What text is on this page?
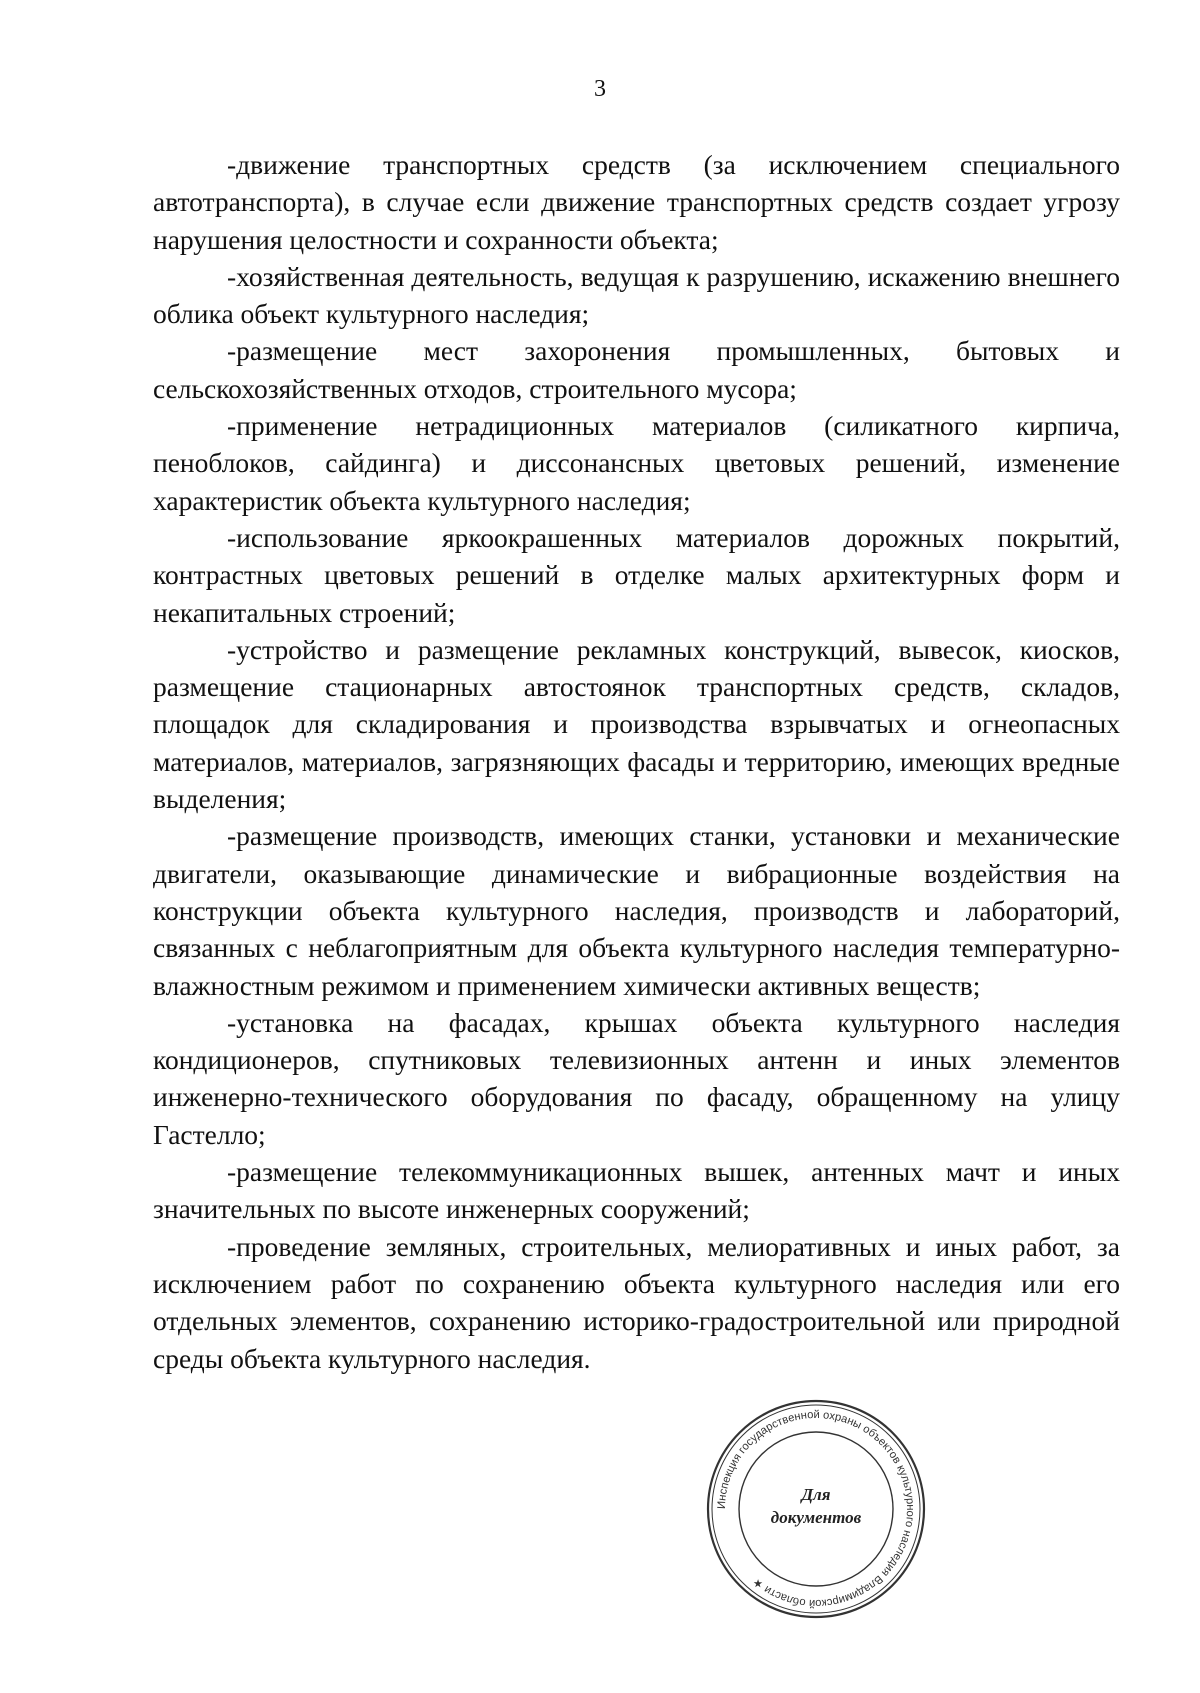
3

-движение транспортных средств (за исключением специального автотранспорта), в случае если движение транспортных средств создает угрозу нарушения целостности и сохранности объекта;

-хозяйственная деятельность, ведущая к разрушению, искажению внешнего облика объект культурного наследия;

-размещение мест захоронения промышленных, бытовых и сельскохозяйственных отходов, строительного мусора;

-применение нетрадиционных материалов (силикатного кирпича, пеноблоков, сайдинга) и диссонансных цветовых решений, изменение характеристик объекта культурного наследия;

-использование яркоокрашенных материалов дорожных покрытий, контрастных цветовых решений в отделке малых архитектурных форм и некапитальных строений;

-устройство и размещение рекламных конструкций, вывесок, киосков, размещение стационарных автостоянок транспортных средств, складов, площадок для складирования и производства взрывчатых и огнеопасных материалов, материалов, загрязняющих фасады и территорию, имеющих вредные выделения;

-размещение производств, имеющих станки, установки и механические двигатели, оказывающие динамические и вибрационные воздействия на конструкции объекта культурного наследия, производств и лабораторий, связанных с неблагоприятным для объекта культурного наследия температурно-влажностным режимом и применением химически активных веществ;

-установка на фасадах, крышах объекта культурного наследия кондиционеров, спутниковых телевизионных антенн и иных элементов инженерно-технического оборудования по фасаду, обращенному на улицу Гастелло;

-размещение телекоммуникационных вышек, антенных мачт и иных значительных по высоте инженерных сооружений;

-проведение земляных, строительных, мелиоративных и иных работ, за исключением работ по сохранению объекта культурного наследия или его отдельных элементов, сохранению историко-градостроительной или природной среды объекта культурного наследия.

Инспекция государственной охраны объектов культурного наследия Владимирской области ★
Для
документов
